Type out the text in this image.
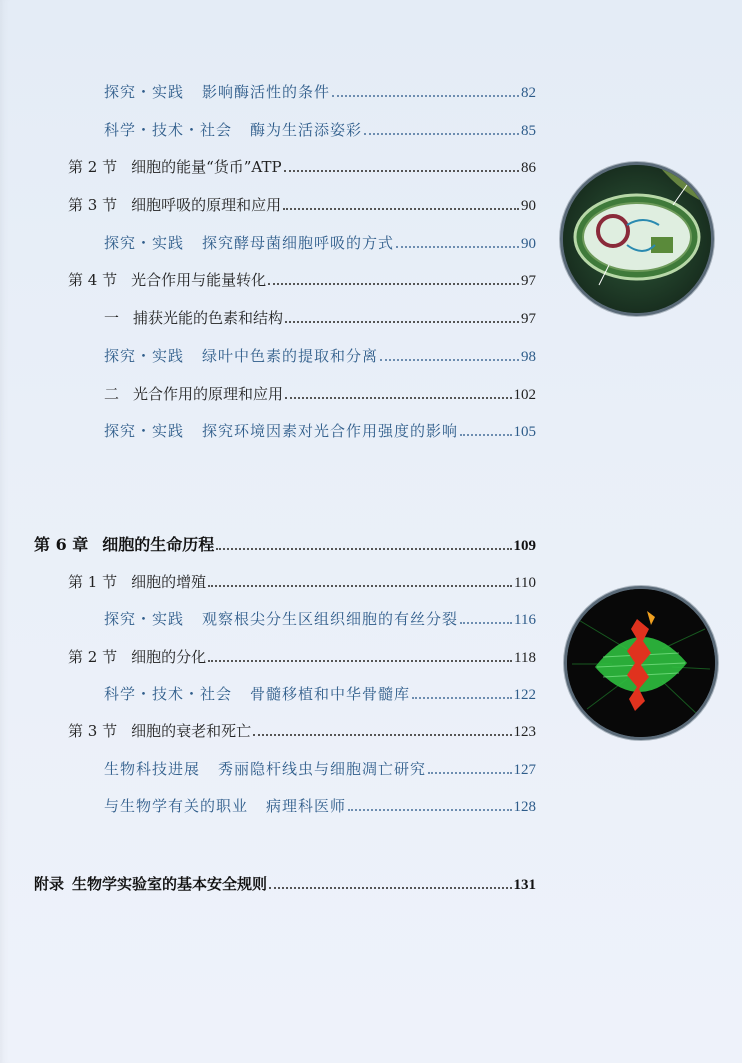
探究・实践 影响酶活性的条件	82
科学・技术・社会 酶为生活添姿彩	85
第 2 节 细胞的能量“货币”ATP	86
第 3 节 细胞呼吸的原理和应用	90
探究・实践 探究酵母菌细胞呼吸的方式	90
第 4 节 光合作用与能量转化	97
一 捕获光能的色素和结构	97
探究・实践 绿叶中色素的提取和分离	98
二 光合作用的原理和应用	102
探究・实践 探究环境因素对光合作用强度的影响	105
第 6 章 细胞的生命历程	109
第 1 节 细胞的增殖	110
探究・实践 观察根尖分生区组织细胞的有丝分裂	116
第 2 节 细胞的分化	118
科学・技术・社会 骨髓移植和中华骨髓库	122
第 3 节 细胞的衰老和死亡	123
生物科技进展 秀丽隐杆线虫与细胞凋亡研究	127
与生物学有关的职业 病理科医师	128
附录 生物学实验室的基本安全规则	131
